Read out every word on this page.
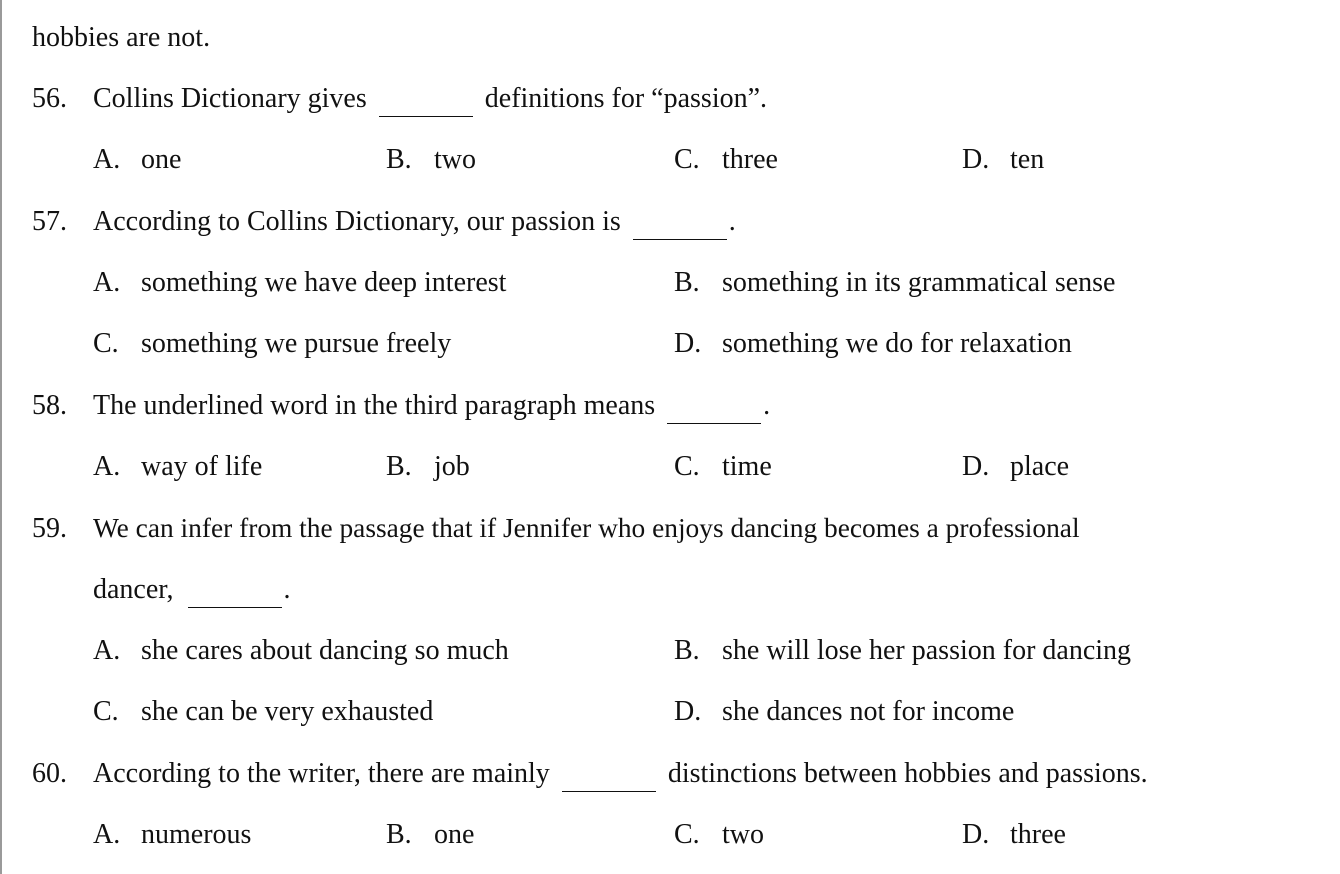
hobbies are not.
56. Collins Dictionary gives	definitions for “passion”.
A. one	B. two	C. three	D. ten
57. According to Collins Dictionary, our passion is	.
A. something we have deep interest	B. something in its grammatical sense
C. something we pursue freely	D. something we do for relaxation
58. The underlined word in the third paragraph means	.
A. way of life	B. job	C. time	D. place
59. We can infer from the passage that if Jennifer who enjoys dancing becomes a professional
dancer,	.
A. she cares about dancing so much	B. she will lose her passion for dancing
C. she can be very exhausted	D. she dances not for income
60. According to the writer, there are mainly	distinctions between hobbies and passions.
A. numerous	B. one	C. two	D. three
